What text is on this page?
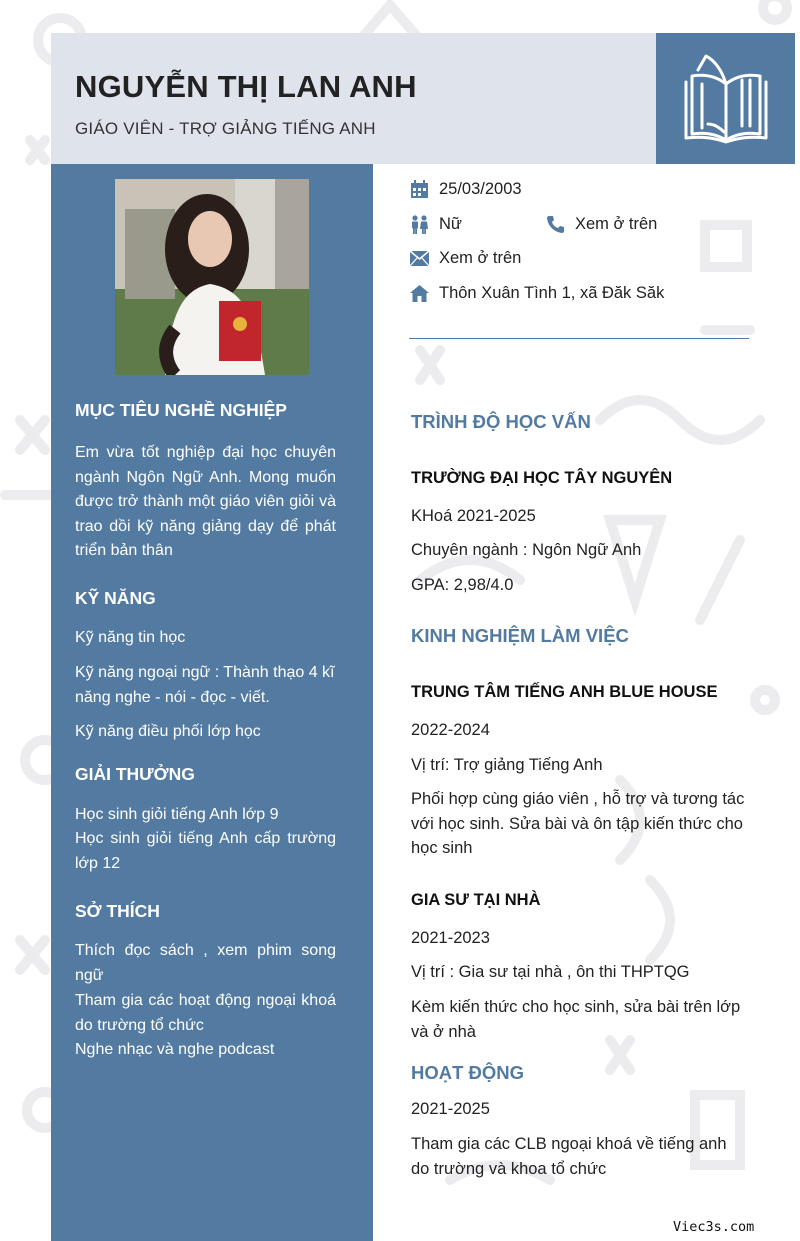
NGUYỄN THỊ LAN ANH
GIÁO VIÊN - TRỢ GIẢNG TIẾNG ANH
MỤC TIÊU NGHỀ NGHIỆP
Em vừa tốt nghiệp đại học chuyên ngành Ngôn Ngữ Anh. Mong muốn được trở thành một giáo viên giỏi và trao dồi kỹ năng giảng dạy để phát triển bản thân
KỸ NĂNG
Kỹ năng tin học
Kỹ năng ngoại ngữ : Thành thạo 4 kĩ năng nghe - nói - đọc - viết.
Kỹ năng điều phối lớp học
GIẢI THƯỞNG
Học sinh giỏi tiếng Anh lớp 9
Học sinh giỏi tiếng Anh cấp trường lớp 12
SỞ THÍCH
Thích đọc sách , xem phim song ngữ
Tham gia các hoạt động ngoại khoá do trường tổ chức
Nghe nhạc và nghe podcast
25/03/2003
Nữ	Xem ở trên
Xem ở trên
Thôn Xuân Tình 1, xã Đăk Săk
TRÌNH ĐỘ HỌC VẤN
TRƯỜNG ĐẠI HỌC TÂY NGUYÊN
KHoá 2021-2025
Chuyên ngành : Ngôn Ngữ Anh
GPA: 2,98/4.0
KINH NGHIỆM LÀM VIỆC
TRUNG TÂM TIẾNG ANH BLUE HOUSE
2022-2024
Vị trí: Trợ giảng Tiếng Anh
Phối hợp cùng giáo viên , hỗ trợ và tương tác với học sinh. Sửa bài và ôn tập kiến thức cho học sinh
GIA SƯ TẠI NHÀ
2021-2023
Vị trí : Gia sư tại nhà , ôn thi THPTQG
Kèm kiến thức cho học sinh, sửa bài trên lớp và ở nhà
HOẠT ĐỘNG
2021-2025
Tham gia các CLB ngoại khoá về tiếng anh do trường và khoa tổ chức
Viec3s.com
